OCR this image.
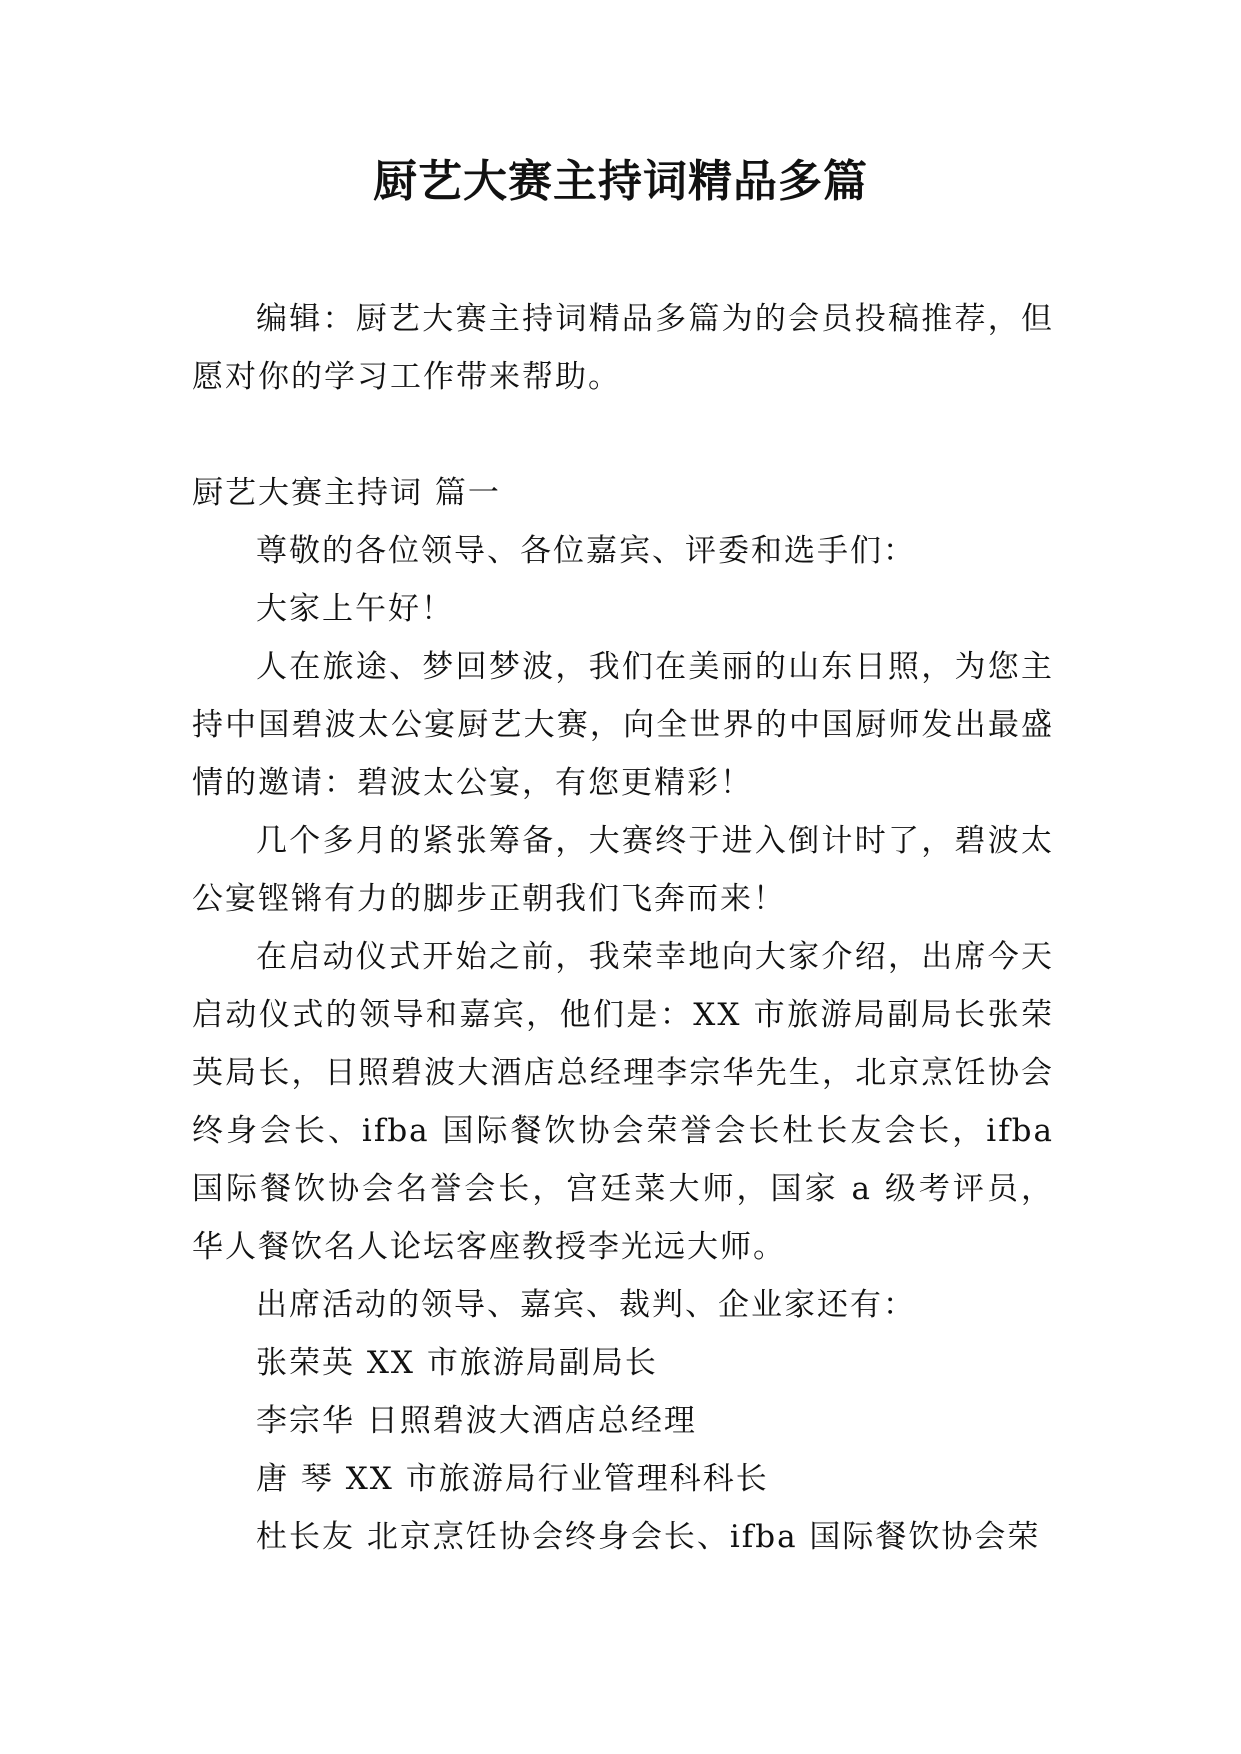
厨艺大赛主持词精品多篇

编辑：厨艺大赛主持词精品多篇为的会员投稿推荐，但愿对你的学习工作带来帮助。

厨艺大赛主持词 篇一

尊敬的各位领导、各位嘉宾、评委和选手们：

大家上午好！

人在旅途、梦回梦波，我们在美丽的山东日照，为您主持中国碧波太公宴厨艺大赛，向全世界的中国厨师发出最盛情的邀请：碧波太公宴，有您更精彩！

几个多月的紧张筹备，大赛终于进入倒计时了，碧波太公宴铿锵有力的脚步正朝我们飞奔而来！

在启动仪式开始之前，我荣幸地向大家介绍，出席今天启动仪式的领导和嘉宾，他们是：XX 市旅游局副局长张荣英局长，日照碧波大酒店总经理李宗华先生，北京烹饪协会终身会长、ifba 国际餐饮协会荣誉会长杜长友会长，ifba 国际餐饮协会名誉会长，宫廷菜大师，国家 a 级考评员，华人餐饮名人论坛客座教授李光远大师。

出席活动的领导、嘉宾、裁判、企业家还有：

张荣英 XX 市旅游局副局长

李宗华 日照碧波大酒店总经理

唐 琴 XX 市旅游局行业管理科科长

杜长友 北京烹饪协会终身会长、ifba 国际餐饮协会荣
